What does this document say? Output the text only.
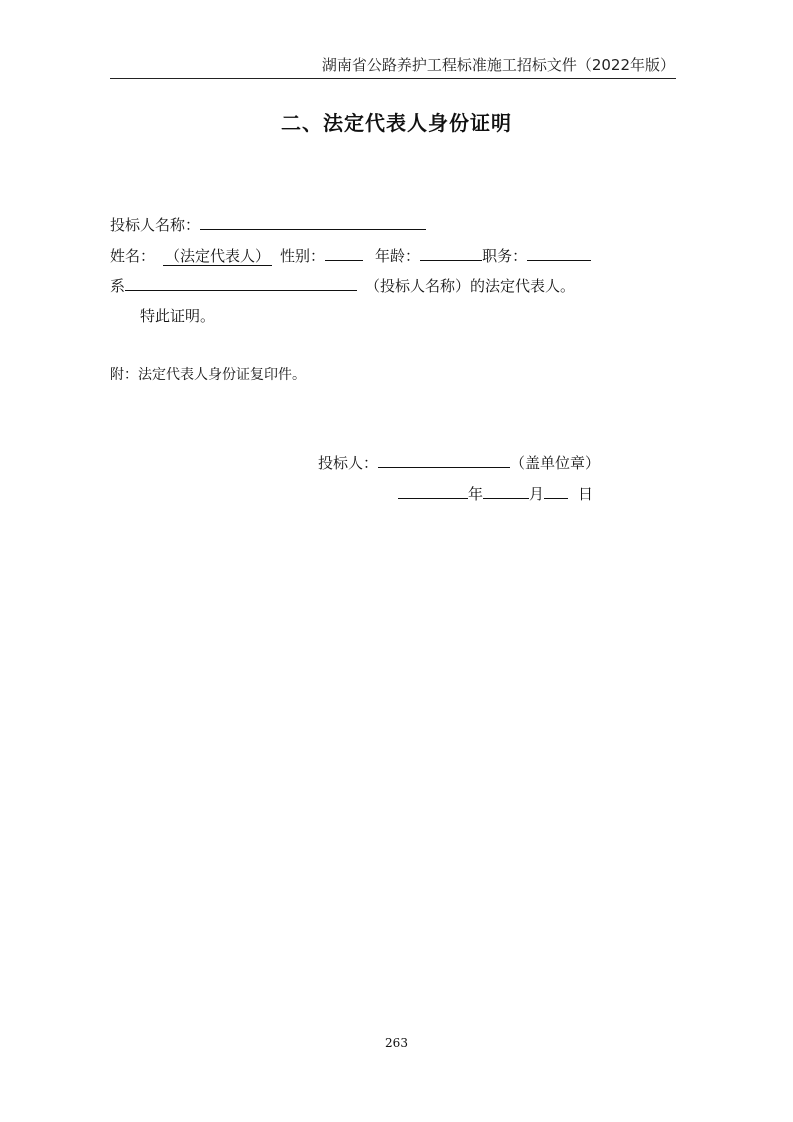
湖南省公路养护工程标准施工招标文件（2022年版）
二、法定代表人身份证明
投标人名称：
姓名： （法定代表人） 性别：	年龄：	职务：
系	（投标人名称）的法定代表人。
特此证明。
附：法定代表人身份证复印件。
投标人：	（盖单位章）
年	月 日
263
